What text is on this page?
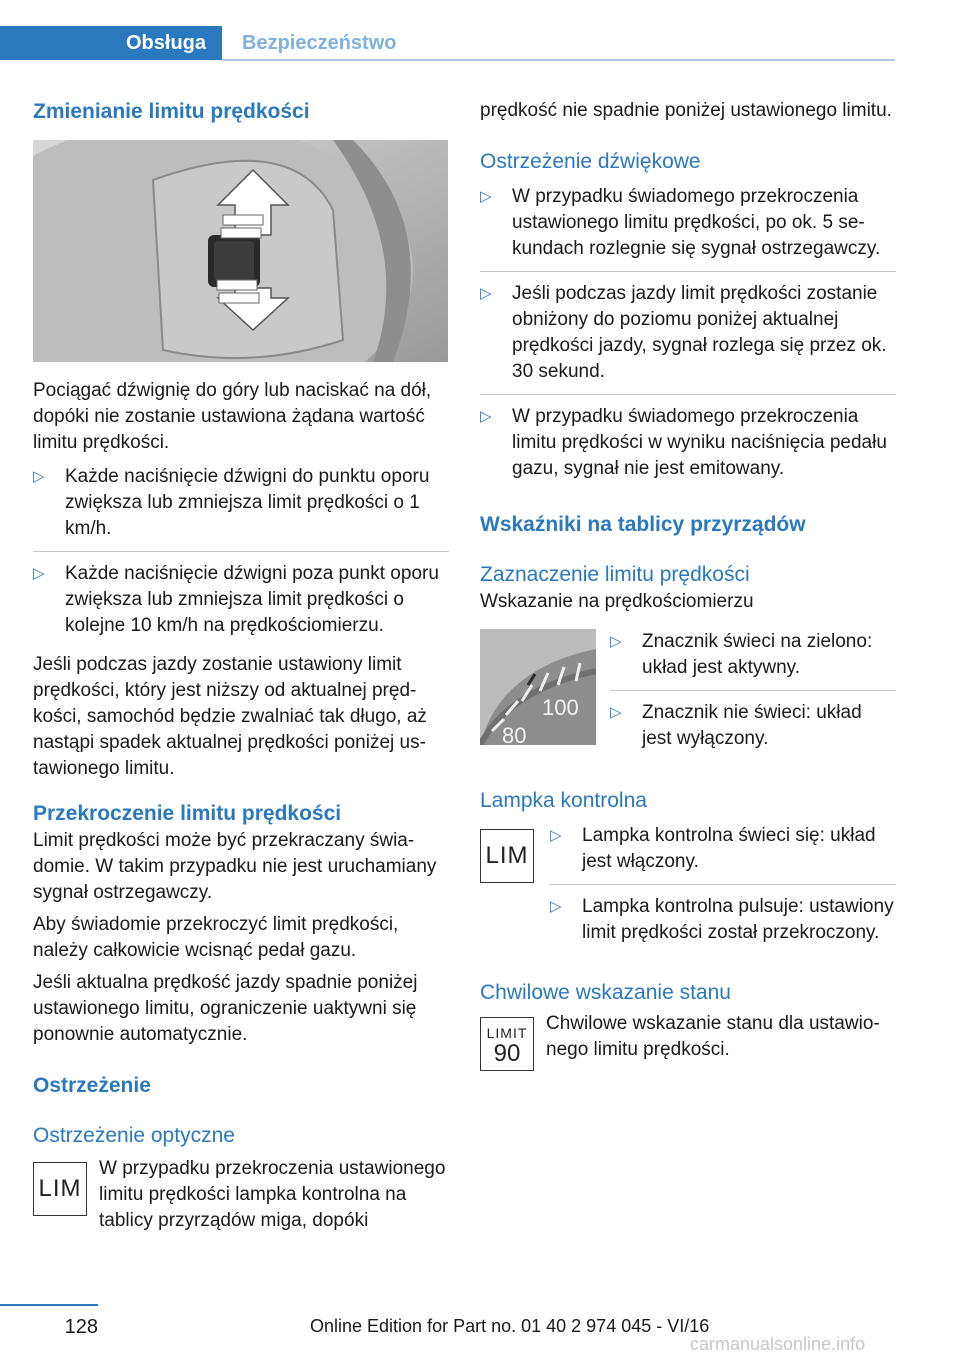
Obsługa Bezpieczeństwo
Zmienianie limitu prędkości

Pociągać dźwignię do góry lub naciskać na dół, dopóki nie zostanie ustawiona żądana wartość limitu prędkości.

▷ Każde naciśnięcie dźwigni do punktu oporu zwiększa lub zmniejsza limit prędkości o 1 km/h.
▷ Każde naciśnięcie dźwigni poza punkt oporu zwiększa lub zmniejsza limit prędkości o kolejne 10 km/h na prędkościomierzu.

Jeśli podczas jazdy zostanie ustawiony limit prędkości, który jest niższy od aktualnej prędkości, samochód będzie zwalniać tak długo, aż nastąpi spadek aktualnej prędkości poniżej ustawionego limitu.

Przekroczenie limitu prędkości

Limit prędkości może być przekraczany świadomie. W takim przypadku nie jest uruchamiany sygnał ostrzegawczy.

Aby świadomie przekroczyć limit prędkości, należy całkowicie wcisnąć pedał gazu.

Jeśli aktualna prędkość jazdy spadnie poniżej ustawionego limitu, ograniczenie uaktywni się ponownie automatycznie.

Ostrzeżenie
Ostrzeżenie optyczne
LIM

W przypadku przekroczenia ustawionego limitu prędkości lampka kontrolna na tablicy przyrządów miga, dopóki

prędkość nie spadnie poniżej ustawionego limitu.

Ostrzeżenie dźwiękowe
▷ W przypadku świadomego przekroczenia ustawionego limitu prędkości, po ok. 5 sekundach rozlegnie się sygnał ostrzegawczy.
▷ Jeśli podczas jazdy limit prędkości zostanie obniżony do poziomu poniżej aktualnej prędkości jazdy, sygnał rozlega się przez ok. 30 sekund.
▷ W przypadku świadomego przekroczenia limitu prędkości w wyniku naciśnięcia pedału gazu, sygnał nie jest emitowany.
Wskaźniki na tablicy przyrządów
Zaznaczenie limitu prędkości

Wskazanie na prędkościomierzu

100
80
▷ Znacznik świeci na zielono: układ jest aktywny.
▷ Znacznik nie świeci: układ jest wyłączony.
Lampka kontrolna
LIM
▷ Lampka kontrolna świeci się: układ jest włączony.
▷ Lampka kontrolna pulsuje: ustawiony limit prędkości został przekroczony.
Chwilowe wskazanie stanu
LIMIT
90

Chwilowe wskazanie stanu dla ustawionego limitu prędkości.

128	Online Edition for Part no. 01 40 2 974 045 - VI/16
carmanualsonline.info
